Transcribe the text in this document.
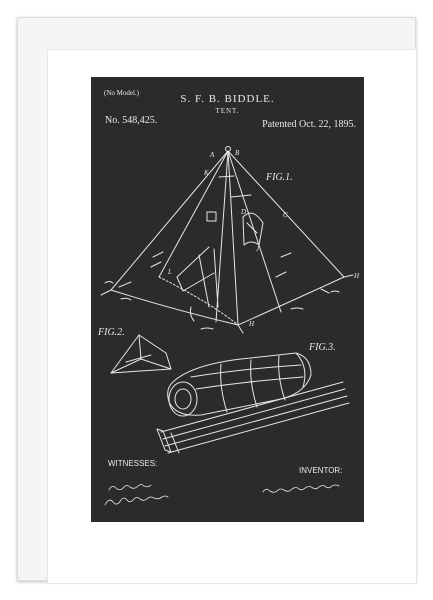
(No Model.)	S. F. B. BIDDLE.
TENT.
No. 548,425.	Patented Oct. 22, 1895.
FIG.1.
FIG.2.
FIG.3.
A	B
K
D	C
J
L	H
H
WITNESSES:
INVENTOR:
